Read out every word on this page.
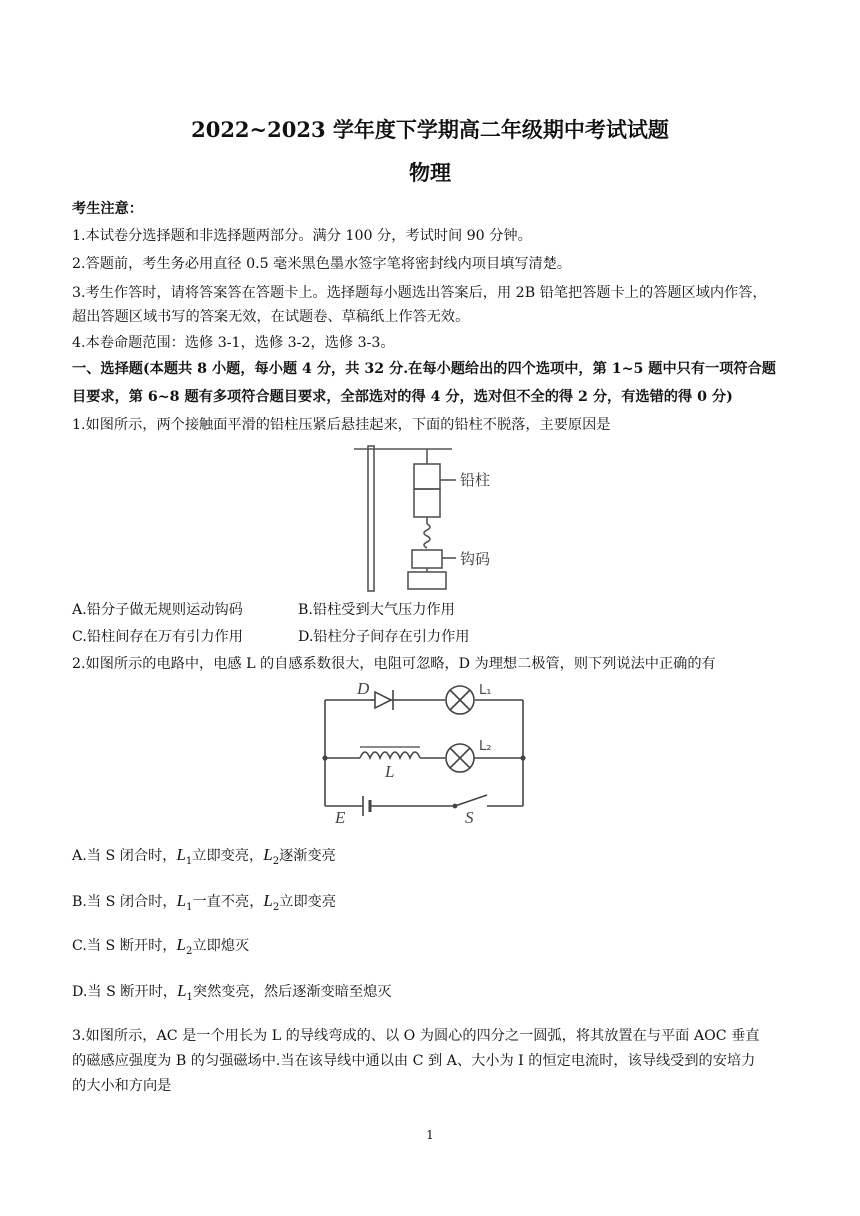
2022~2023 学年度下学期高二年级期中考试试题
物理
考生注意：
1.本试卷分选择题和非选择题两部分。满分 100 分，考试时间 90 分钟。
2.答题前，考生务必用直径 0.5 毫米黑色墨水签字笔将密封线内项目填写清楚。
3.考生作答时，请将答案答在答题卡上。选择题每小题选出答案后，用 2B 铅笔把答题卡上的答题区域内作答，
超出答题区域书写的答案无效，在试题卷、草稿纸上作答无效。
4.本卷命题范围：选修 3-1，选修 3-2，选修 3-3。
一、选择题(本题共 8 小题，每小题 4 分，共 32 分.在每小题给出的四个选项中，第 1~5 题中只有一项符合题
目要求，第 6~8 题有多项符合题目要求，全部选对的得 4 分，选对但不全的得 2 分，有选错的得 0 分)
1.如图所示，两个接触面平滑的铅柱压紧后悬挂起来，下面的铅柱不脱落，主要原因是
铅柱
钩码
A.铅分子做无规则运动钩码	B.铅柱受到大气压力作用
C.铅柱间存在万有引力作用	D.铅柱分子间存在引力作用
2.如图所示的电路中，电感 L 的自感系数很大，电阻可忽略，D 为理想二极管，则下列说法中正确的有
D	L₁
L
L₂
E	S
A.当 S 闭合时，$L_1$立即变亮，$L_2$逐渐变亮
B.当 S 闭合时，$L_1$一直不亮，$L_2$立即变亮
C.当 S 断开时，$L_2$立即熄灭
D.当 S 断开时，$L_1$突然变亮，然后逐渐变暗至熄灭
3.如图所示，AC 是一个用长为 L 的导线弯成的、以 O 为圆心的四分之一圆弧，将其放置在与平面 AOC 垂直
的磁感应强度为 B 的匀强磁场中.当在该导线中通以由 C 到 A、大小为 I 的恒定电流时，该导线受到的安培力
的大小和方向是
1
